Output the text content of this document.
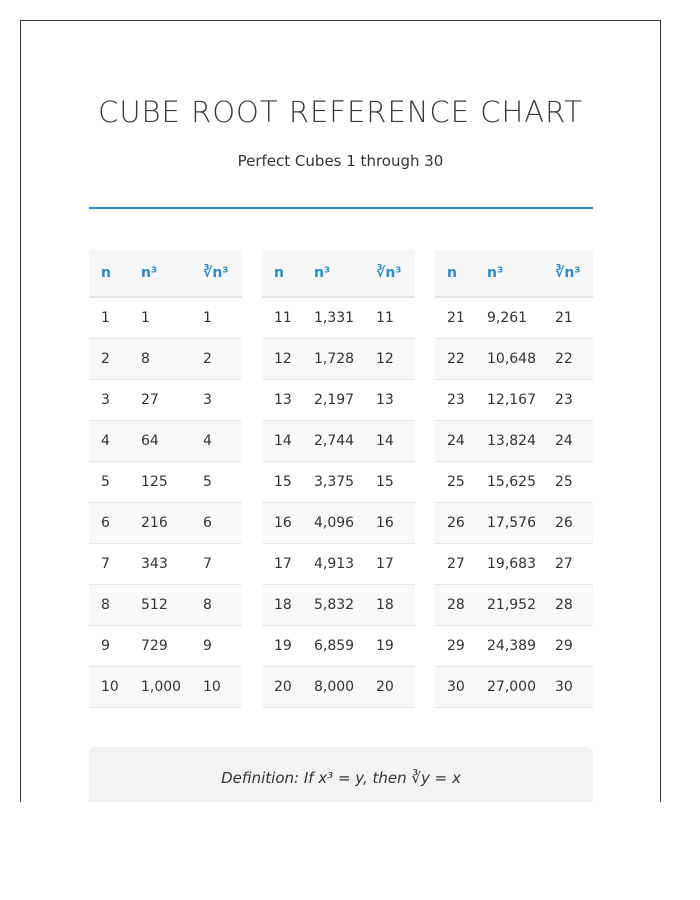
CUBE ROOT REFERENCE CHART
Perfect Cubes 1 through 30
n	n³	∛n³
1	1	1
2	8	2
3	27	3
4	64	4
5	125	5
6	216	6
7	343	7
8	512	8
9	729	9
10	1,000	10
n	n³	∛n³
11	1,331	11
12	1,728	12
13	2,197	13
14	2,744	14
15	3,375	15
16	4,096	16
17	4,913	17
18	5,832	18
19	6,859	19
20	8,000	20
n	n³	∛n³
21	9,261	21
22	10,648	22
23	12,167	23
24	13,824	24
25	15,625	25
26	17,576	26
27	19,683	27
28	21,952	28
29	24,389	29
30	27,000	30
Definition: If x³ = y, then ∛y = x
